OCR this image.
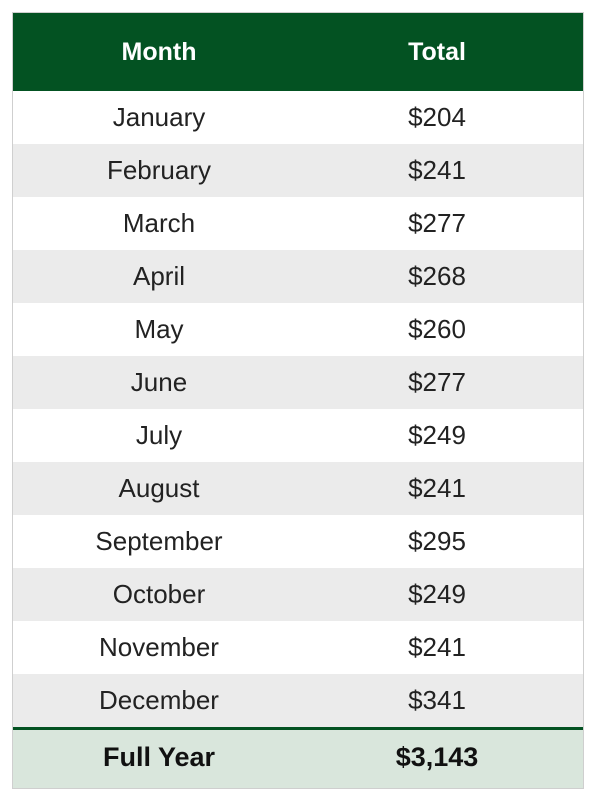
Month	Total
January	$204
February	$241
March	$277
April	$268
May	$260
June	$277
July	$249
August	$241
September	$295
October	$249
November	$241
December	$341
Full Year	$3,143
